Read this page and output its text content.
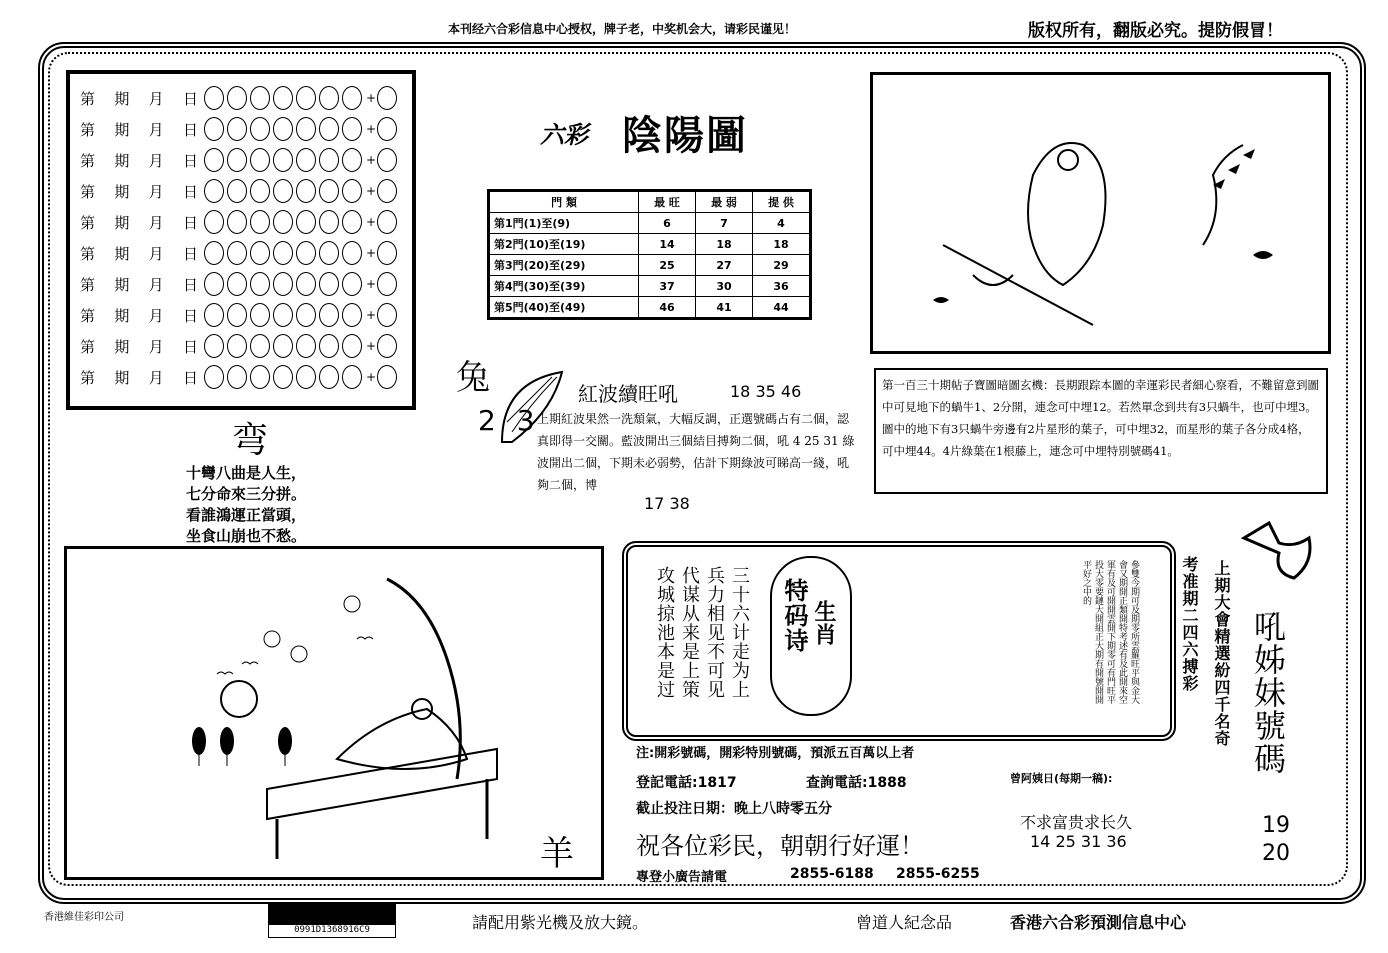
本刊经六合彩信息中心授权，牌子老，中奖机会大，请彩民谨见！	版权所有，翻版必究。提防假冒！
第 期 月 日	+
第 期 月 日	+
第 期 月 日	+
第 期 月 日	+
第 期 月 日	+
第 期 月 日	+
第 期 月 日	+
第 期 月 日	+
第 期 月 日	+
第 期 月 日	+
六彩 陰陽圖
門 類	最 旺	最 弱	提 供
第1門(1)至(9)	6	7	4
第2門(10)至(19)	14	18	18
第3門(20)至(29)	25	27	29
第4門(30)至(39)	37	30	36
第5門(40)至(49)	46	41	44
兔
2 3
紅波續旺吼	18 35 46
上期紅波果然一洗頹氣，大幅反調，正選號碼占有二個，認真即得一交關。藍波開出三個結目搏夠二個，吼 4 25 31 綠波開出二個，下期未必弱勢，估計下期綠波可睇高一綫，吼夠二個，博
17 38
第一百三十期帖子寶圖暗圖玄機：長期跟踪本圖的幸運彩民者細心察看，不難留意到圖中可見地下的蝸牛1、2分開，連念可中埋12。若然單念到共有3只蝸牛，也可中埋3。圖中的地下有3只蝸牛旁邊有2片星形的葉子，可中埋32，而星形的葉子各分成4格，可中埋44。4片綠葉在1根藤上，連念可中埋特別號碼41。
弯
十彎八曲是人生，
七分命來三分拼。
看誰鴻運正當頭，
坐食山崩也不愁。
羊
三十六计走为上
兵力相见不可见
代谋从来是上策
攻城掠池本是过	特码诗 生肖	參雙今期可及期零所雲羅旺平與金大會又期開正類開特考述有及此開來空軍有及可開開雲開下期零可有門旺平投大零要鏈大開組正大期有開號開開平好之中的	考准期二四六搏彩 上期大會精選紛四千名奇 吼姊妹號碼
19 20
注:開彩號碼，開彩特別號碼，預派五百萬以上者
登記電話:1817	查詢電話:1888
截止投注日期：晚上八時零五分
曾阿姨日(每期一稿):
祝各位彩民，朝朝行好運！
專登小廣告請電	2855-6188 2855-6255
不求富贵求长久
14 25 31 36
香港維佳彩印公司
0991D1368916C9	請配用紫光機及放大鏡。	曾道人紀念品	香港六合彩預測信息中心
